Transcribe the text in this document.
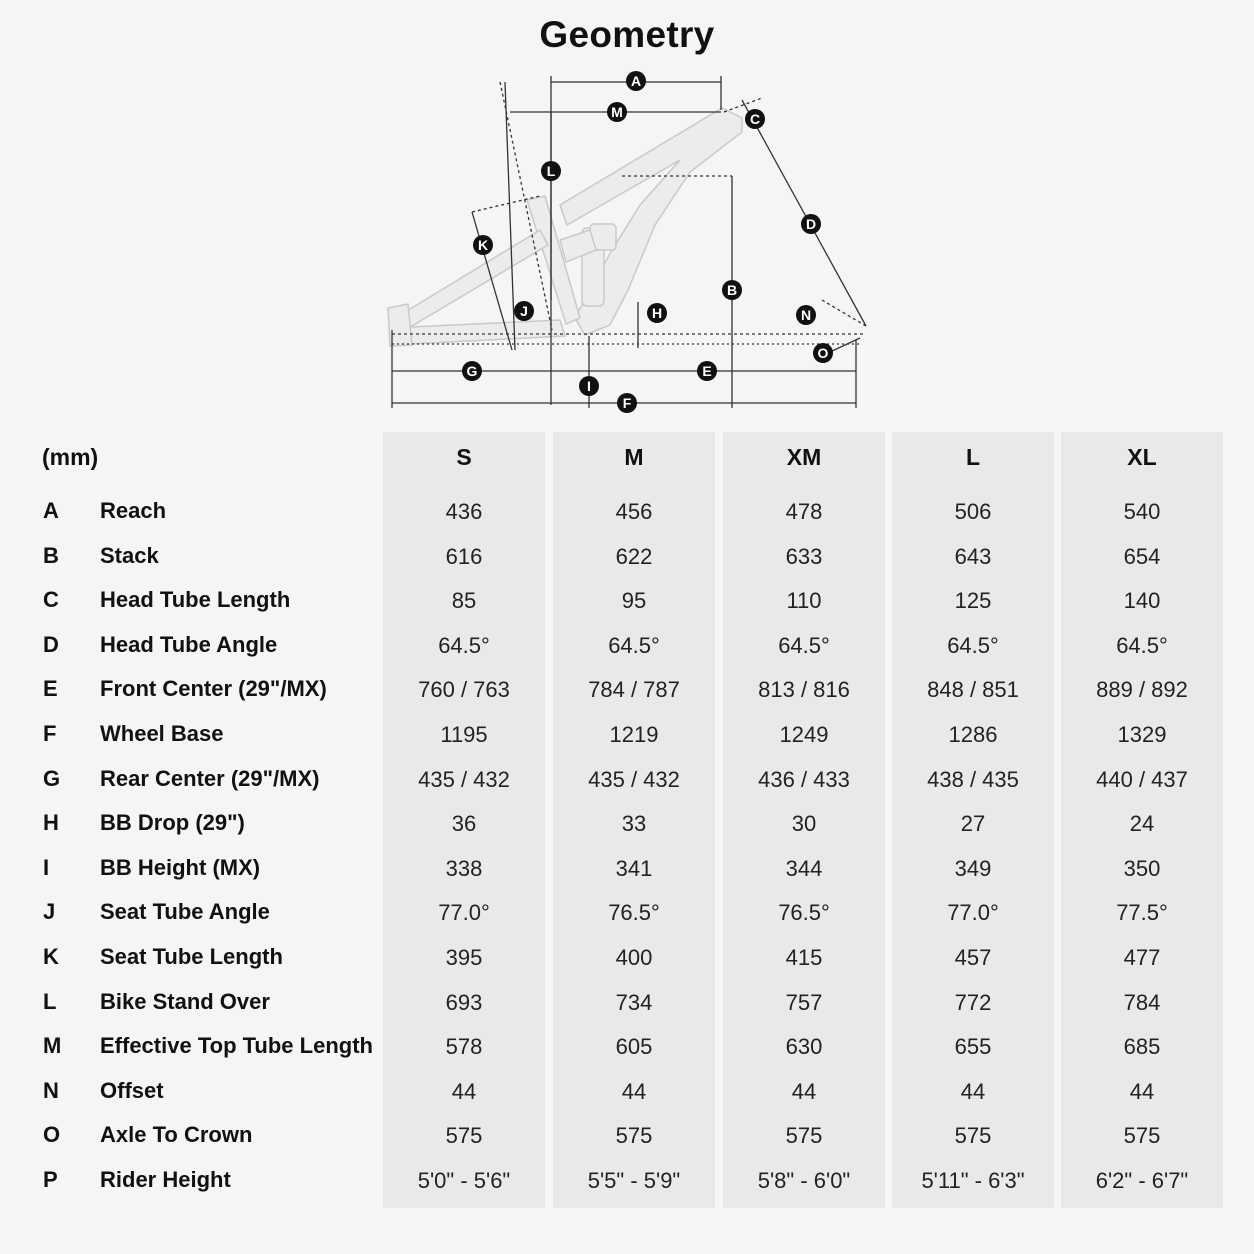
Geometry
A
M	C
L
D
K
B
J	H	N
O
G	E
I
F
(mm)	S	M	XM	L	XL
A Reach	436	456	478	506	540
B Stack	616	622	633	643	654
C Head Tube Length	85	95	110	125	140
D Head Tube Angle	64.5°	64.5°	64.5°	64.5°	64.5°
E Front Center (29"/MX)	760 / 763	784 / 787	813 / 816	848 / 851	889 / 892
F Wheel Base	1195	1219	1249	1286	1329
G Rear Center (29"/MX)	435 / 432	435 / 432	436 / 433	438 / 435	440 / 437
H BB Drop (29")	36	33	30	27	24
I BB Height (MX)	338	341	344	349	350
J Seat Tube Angle	77.0°	76.5°	76.5°	77.0°	77.5°
K Seat Tube Length	395	400	415	457	477
L Bike Stand Over	693	734	757	772	784
M Effective Top Tube Length	578	605	630	655	685
N Offset	44	44	44	44	44
O Axle To Crown	575	575	575	575	575
P Rider Height	5'0" - 5'6"	5'5" - 5'9"	5'8" - 6'0"	5'11" - 6'3"	6'2" - 6'7"
